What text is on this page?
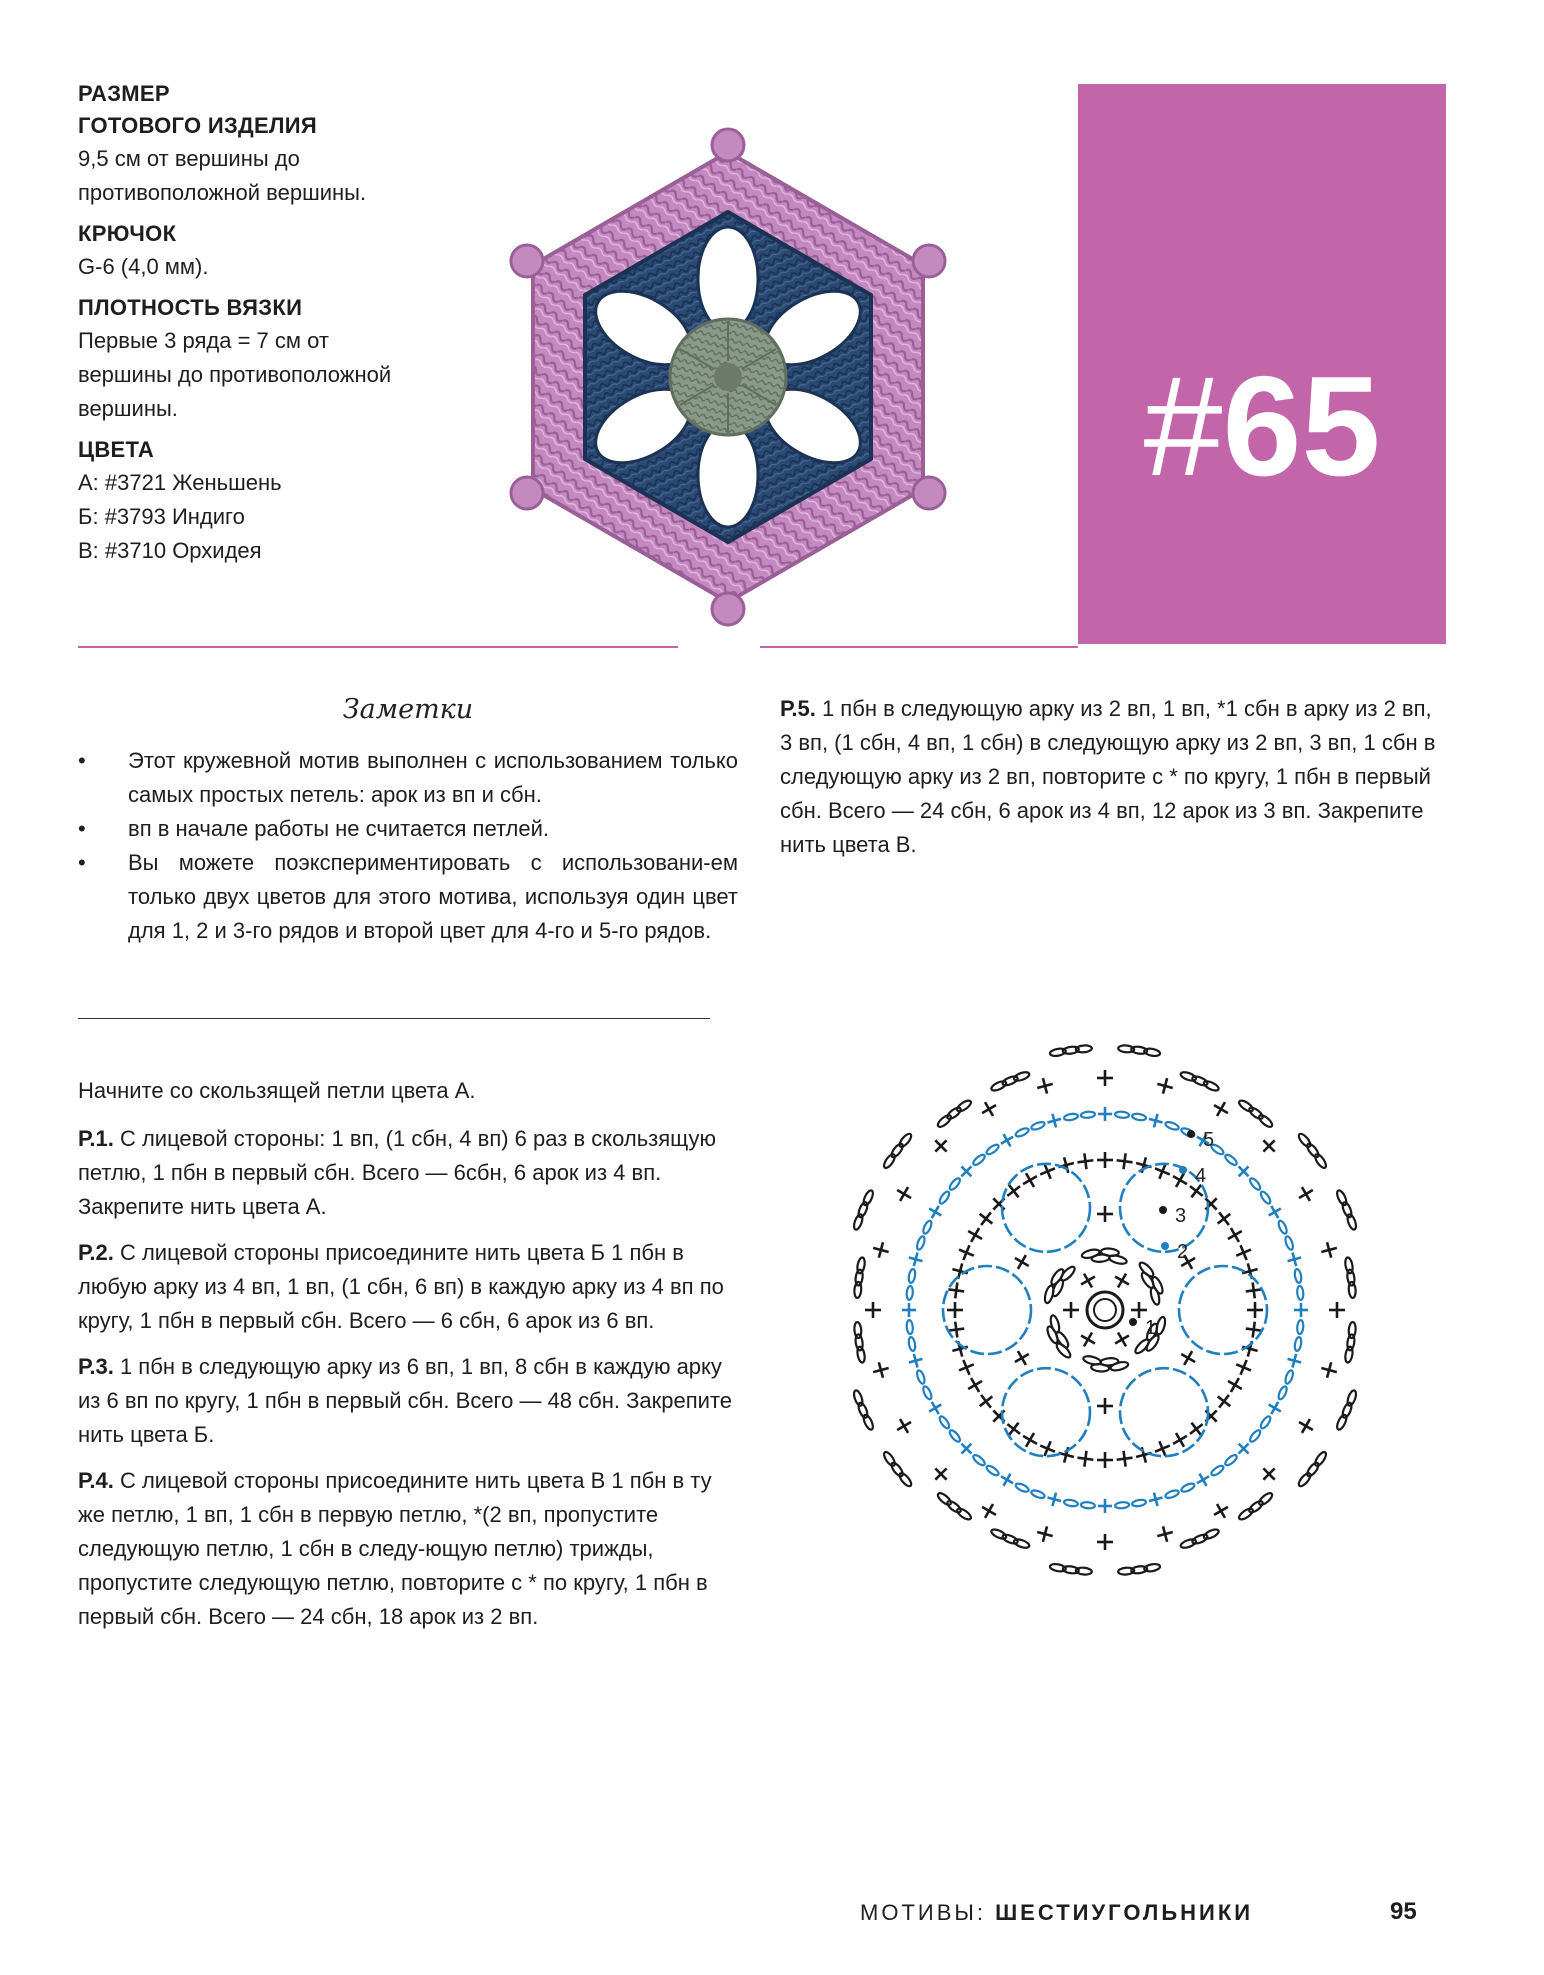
РАЗМЕР

ГОТОВОГО ИЗДЕЛИЯ

9,5 см от вершины до

противоположной вершины.

КРЮЧОК

G-6 (4,0 мм).

ПЛОТНОСТЬ ВЯЗКИ

Первые 3 ряда = 7 см от

вершины до противоположной

вершины.

ЦВЕТА

А: #3721 Женьшень

Б: #3793 Индиго

В: #3710 Орхидея

#65
Заметки
• Этот кружевной мотив выполнен с использованием только самых простых петель: арок из вп и сбн.
• вп в начале работы не считается петлей.
• Вы можете поэкспериментировать с использовани-ем только двух цветов для этого мотива, используя один цвет для 1, 2 и 3-го рядов и второй цвет для 4-го и 5-го рядов.

Начните со скользящей петли цвета А.

Р.1. С лицевой стороны: 1 вп, (1 сбн, 4 вп) 6 раз в скользящую петлю, 1 пбн в первый сбн. Всего — 6сбн, 6 арок из 4 вп. Закрепите нить цвета А.

Р.2. С лицевой стороны присоедините нить цвета Б 1 пбн в любую арку из 4 вп, 1 вп, (1 сбн, 6 вп) в каждую арку из 4 вп по кругу, 1 пбн в первый сбн. Всего — 6 сбн, 6 арок из 6 вп.

Р.3. 1 пбн в следующую арку из 6 вп, 1 вп, 8 сбн в каждую арку из 6 вп по кругу, 1 пбн в первый сбн. Всего — 48 сбн. Закрепите нить цвета Б.

Р.4. С лицевой стороны присоедините нить цвета В 1 пбн в ту же петлю, 1 вп, 1 сбн в первую петлю, *(2 вп, пропустите следующую петлю, 1 сбн в следу-ющую петлю) трижды, пропустите следующую петлю, повторите с * по кругу, 1 пбн в первый сбн. Всего — 24 сбн, 18 арок из 2 вп.

Р.5. 1 пбн в следующую арку из 2 вп, 1 вп, *1 сбн в арку из 2 вп, 3 вп, (1 сбн, 4 вп, 1 сбн) в следующую арку из 2 вп, 3 вп, 1 сбн в следующую арку из 2 вп, повторите с * по кругу, 1 пбн в первый сбн. Всего — 24 сбн, 6 арок из 4 вп, 12 арок из 3 вп. Закрепите нить цвета В.

1
2
3
4
5
МОТИВЫ: ШЕСТИУГОЛЬНИКИ	95
